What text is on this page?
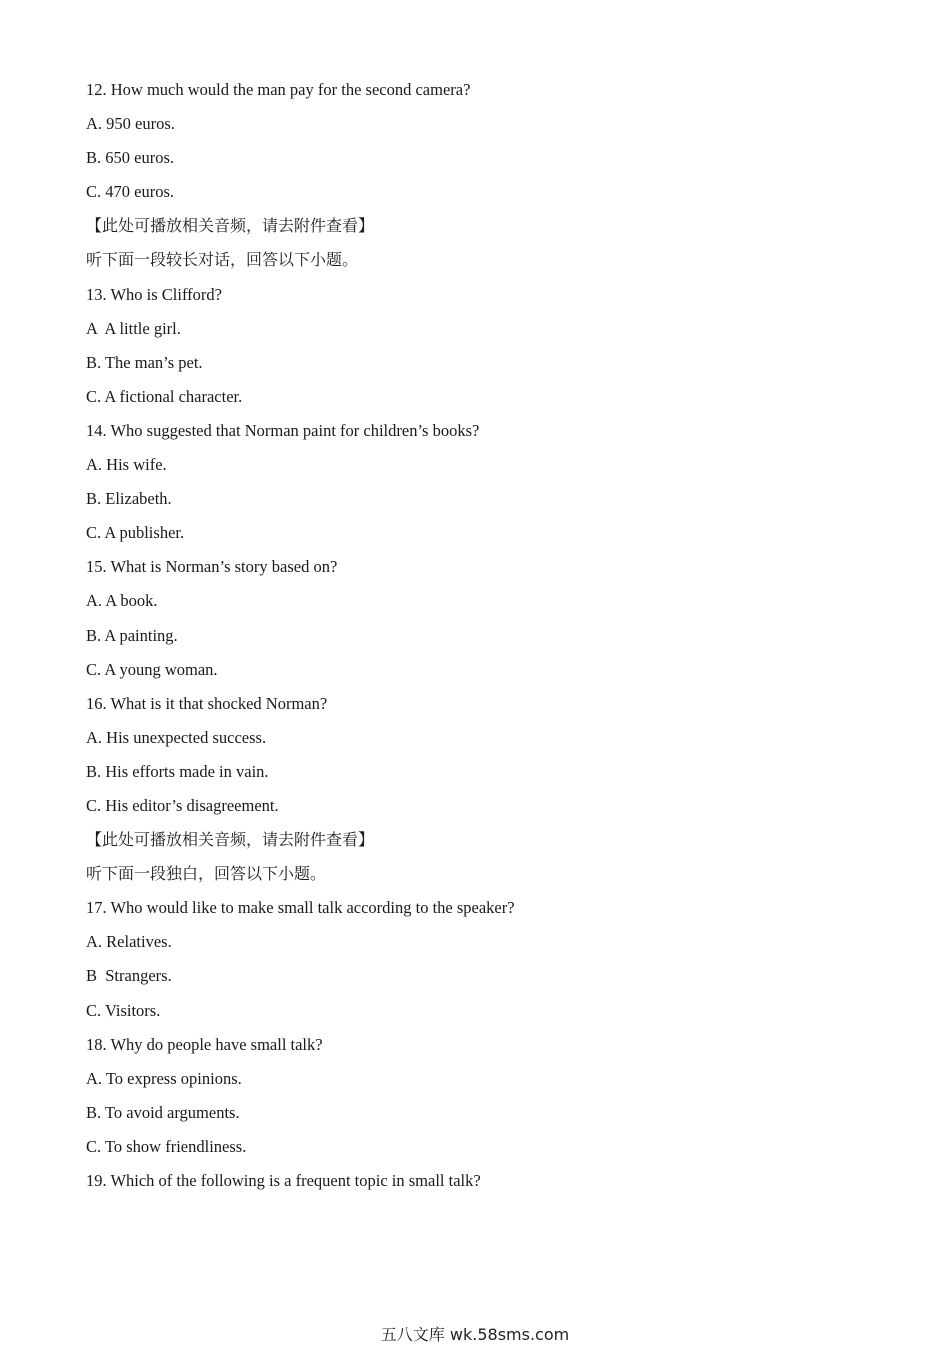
12. How much would the man pay for the second camera?
A. 950 euros.
B. 650 euros.
C. 470 euros.
【此处可播放相关音频，请去附件查看】
听下面一段较长对话，回答以下小题。
13. Who is Clifford?
A  A little girl.
B. The man’s pet.
C. A fictional character.
14. Who suggested that Norman paint for children’s books?
A. His wife.
B. Elizabeth.
C. A publisher.
15. What is Norman’s story based on?
A. A book.
B. A painting.
C. A young woman.
16. What is it that shocked Norman?
A. His unexpected success.
B. His efforts made in vain.
C. His editor’s disagreement.
【此处可播放相关音频，请去附件查看】
听下面一段独白，回答以下小题。
17. Who would like to make small talk according to the speaker?
A. Relatives.
B  Strangers.
C. Visitors.
18. Why do people have small talk?
A. To express opinions.
B. To avoid arguments.
C. To show friendliness.
19. Which of the following is a frequent topic in small talk?
五八文库 wk.58sms.com
